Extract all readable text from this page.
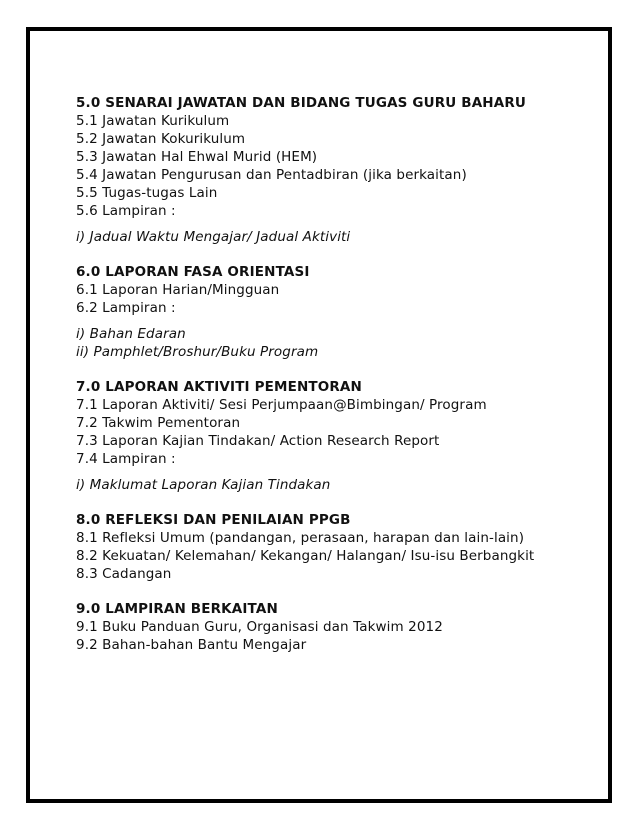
5.0 SENARAI JAWATAN DAN BIDANG TUGAS GURU BAHARU

5.1 Jawatan Kurikulum

5.2 Jawatan Kokurikulum

5.3 Jawatan Hal Ehwal Murid (HEM)

5.4 Jawatan Pengurusan dan Pentadbiran (jika berkaitan)

5.5 Tugas-tugas Lain

5.6 Lampiran :

i) Jadual Waktu Mengajar/ Jadual Aktiviti

6.0 LAPORAN FASA ORIENTASI

6.1 Laporan Harian/Mingguan

6.2 Lampiran :

i) Bahan Edaran

ii) Pamphlet/Broshur/Buku Program

7.0 LAPORAN AKTIVITI PEMENTORAN

7.1 Laporan Aktiviti/ Sesi Perjumpaan@Bimbingan/ Program

7.2 Takwim Pementoran

7.3 Laporan Kajian Tindakan/ Action Research Report

7.4 Lampiran :

i) Maklumat Laporan Kajian Tindakan

8.0 REFLEKSI DAN PENILAIAN PPGB

8.1 Refleksi Umum (pandangan, perasaan, harapan dan lain-lain)

8.2 Kekuatan/ Kelemahan/ Kekangan/ Halangan/ Isu-isu Berbangkit

8.3 Cadangan

9.0 LAMPIRAN BERKAITAN

9.1 Buku Panduan Guru, Organisasi dan Takwim 2012

9.2 Bahan-bahan Bantu Mengajar
